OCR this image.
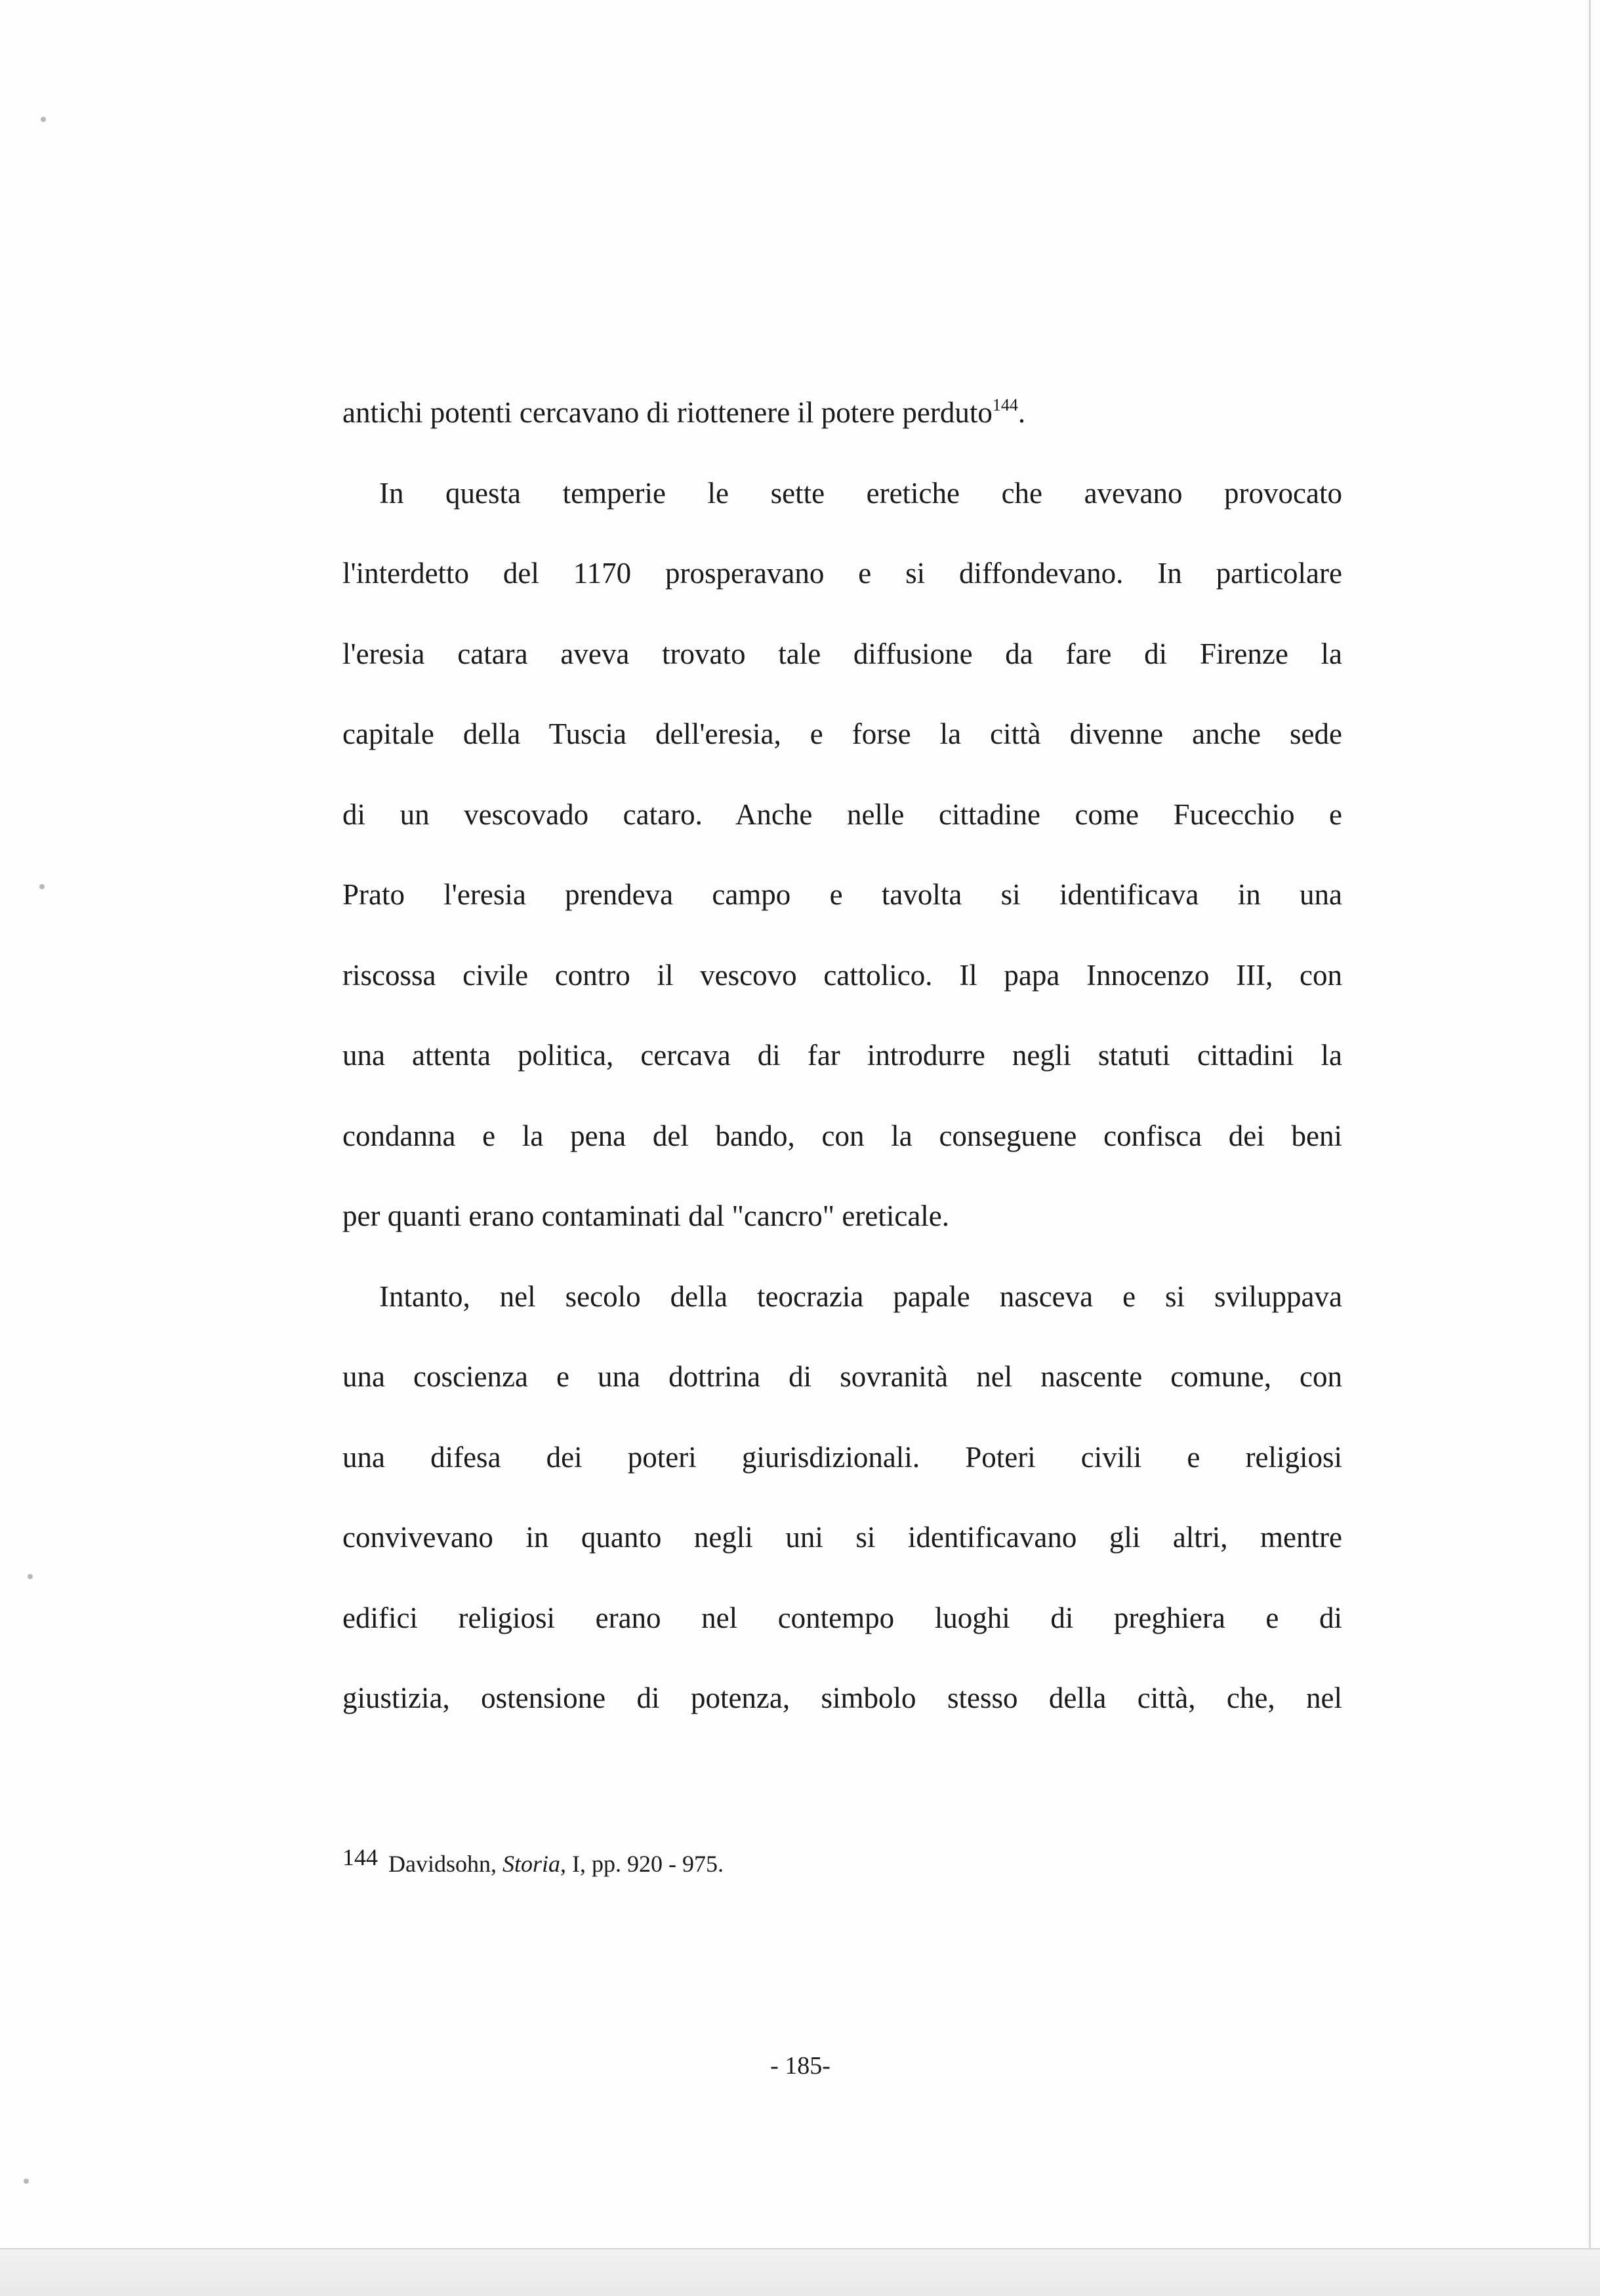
antichi potenti cercavano di riottenere il potere perduto$^{144}$.
In questa temperie le sette eretiche che avevano provocato
l'interdetto del 1170 prosperavano e si diffondevano. In particolare
l'eresia catara aveva trovato tale diffusione da fare di Firenze la
capitale della Tuscia dell'eresia, e forse la città divenne anche sede
di un vescovado cataro. Anche nelle cittadine come Fucecchio e
Prato l'eresia prendeva campo e tavolta si identificava in una
riscossa civile contro il vescovo cattolico. Il papa Innocenzo III, con
una attenta politica, cercava di far introdurre negli statuti cittadini la
condanna e la pena del bando, con la conseguene confisca dei beni
per quanti erano contaminati dal "cancro" ereticale.
Intanto, nel secolo della teocrazia papale nasceva e si sviluppava
una coscienza e una dottrina di sovranità nel nascente comune, con
una difesa dei poteri giurisdizionali. Poteri civili e religiosi
convivevano in quanto negli uni si identificavano gli altri, mentre
edifici religiosi erano nel contempo luoghi di preghiera e di
giustizia, ostensione di potenza, simbolo stesso della città, che, nel
144 Davidsohn, Storia, I, pp. 920 - 975.
- 185-
